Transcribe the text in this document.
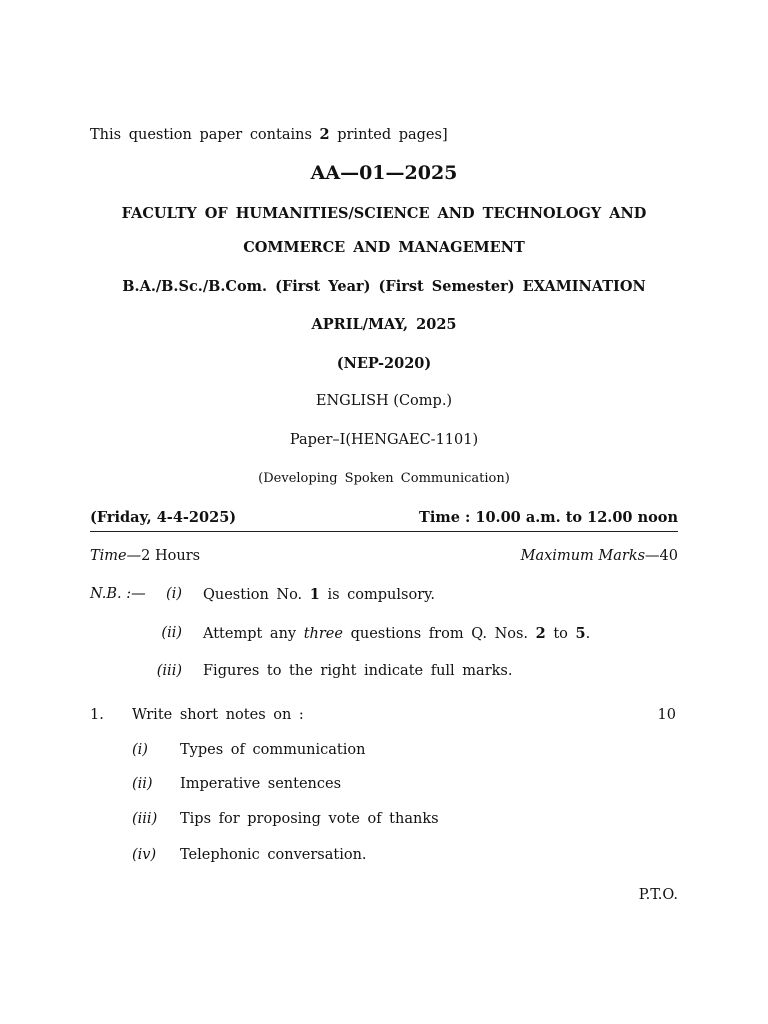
This question paper contains 2 printed pages]
AA—01—2025
FACULTY OF HUMANITIES/SCIENCE AND TECHNOLOGY AND
COMMERCE AND MANAGEMENT
B.A./B.Sc./B.Com. (First Year) (First Semester) EXAMINATION
APRIL/MAY, 2025
(NEP-2020)
ENGLISH (Comp.)
Paper–I(HENGAEC-1101)
(Developing Spoken Communication)
(Friday, 4-4-2025)	Time : 10.00 a.m. to 12.00 noon
Time—2 Hours	Maximum Marks—40
N.B. :— (i) Question No. 1 is compulsory.
(ii) Attempt any three questions from Q. Nos. 2 to 5.
(iii) Figures to the right indicate full marks.
1. Write short notes on :	10
(i) Types of communication
(ii) Imperative sentences
(iii) Tips for proposing vote of thanks
(iv) Telephonic conversation.
P.T.O.
